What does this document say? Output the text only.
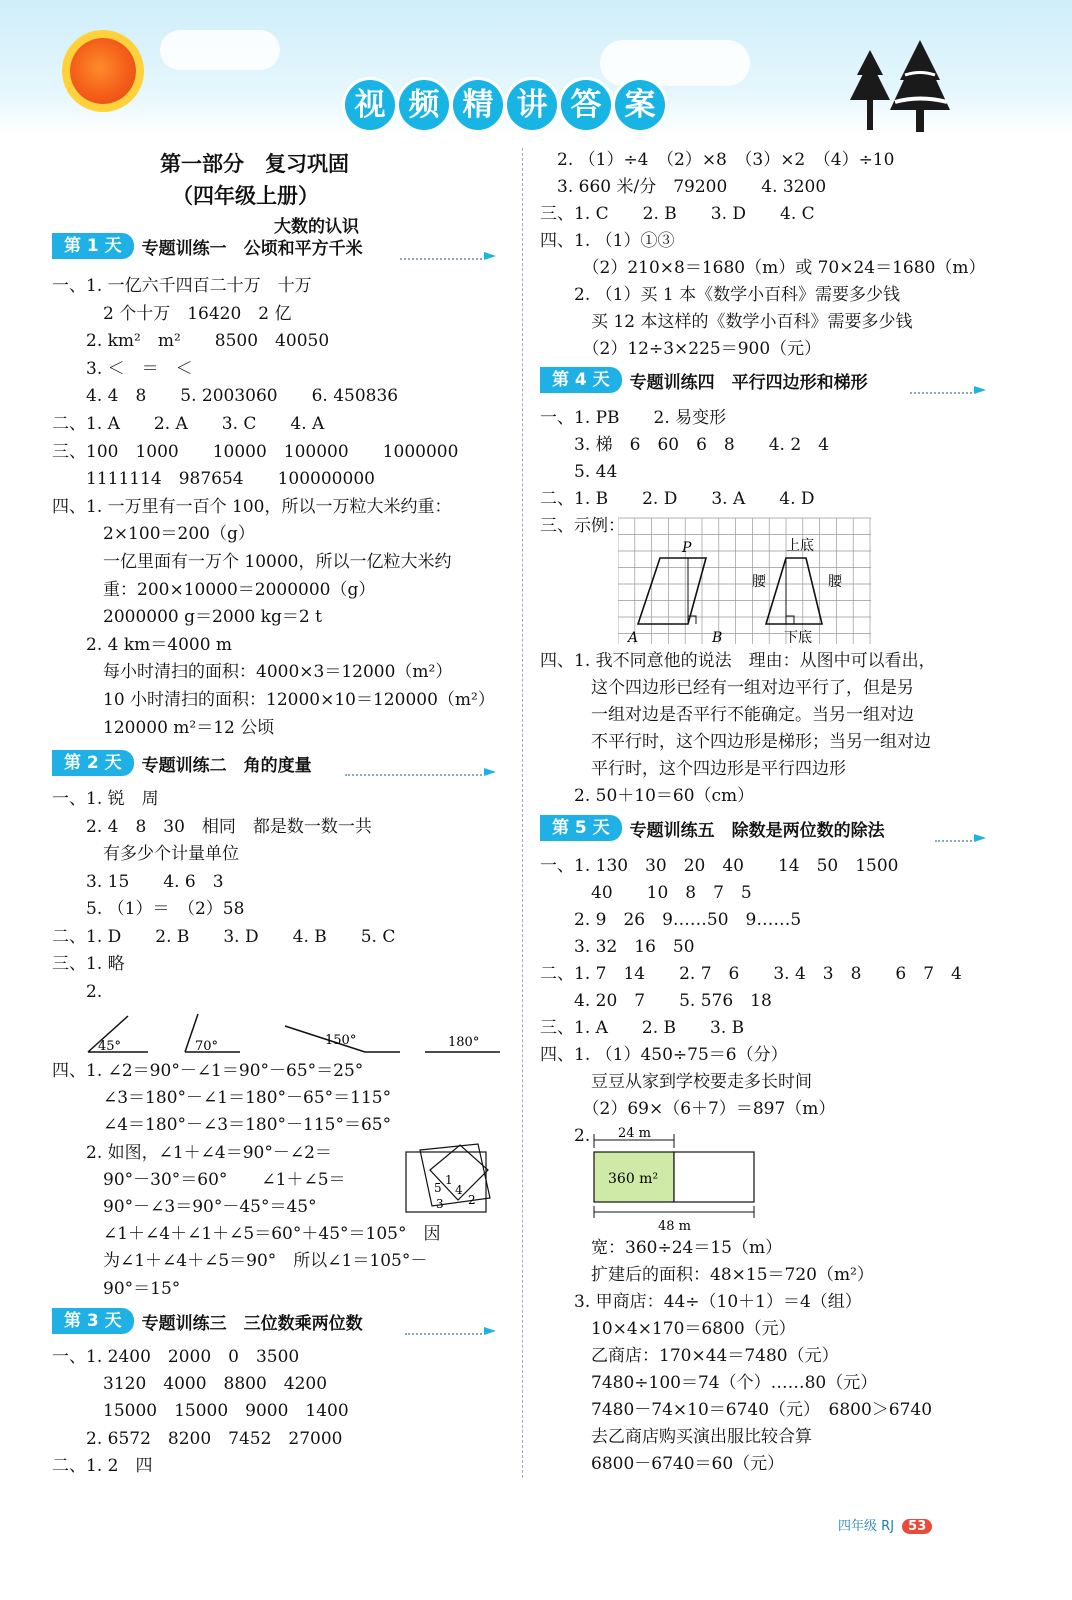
视 频 精 讲 答 案
第一部分　复习巩固
（四年级上册）
大数的认识
第 1 天	专题训练一　公顷和平方千米
一、1. 一亿六千四百二十万　十万
　　　2 个十万　16420　2 亿
　　2. km²　m²　　8500　40050
　　3. ＜　＝　＜
　　4. 4　8　　5. 2003060　　6. 450836
二、1. A　　2. A　　3. C　　4. A
三、100　1000　　10000　100000　　1000000
　　1111114　987654　　100000000
四、1. 一万里有一百个 100，所以一万粒大米约重：
　　　2×100＝200（g）
　　　一亿里面有一万个 10000，所以一亿粒大米约
　　　重：200×10000＝2000000（g）
　　　2000000 g＝2000 kg＝2 t
　　2. 4 km＝4000 m
　　　每小时清扫的面积：4000×3＝12000（m²）
　　　10 小时清扫的面积：12000×10＝120000（m²）
　　　120000 m²＝12 公顷
第 2 天	专题训练二　角的度量
一、1. 锐　周
　　2. 4　8　30　相同　都是数一数一共
　　　有多少个计量单位
　　3. 15　　4. 6　3
　　5. （1）＝　（2）58
二、1. D　　2. B　　3. D　　4. B　　5. C
三、1. 略
　　2.
45°	70°	150°	180°
四、1. ∠2＝90°－∠1＝90°－65°＝25°
　　　∠3＝180°－∠1＝180°－65°＝115°
　　　∠4＝180°－∠3＝180°－115°＝65°
　　2. 如图，∠1＋∠4＝90°－∠2＝
　　　90°－30°＝60°　　∠1＋∠5＝
　　　90°－∠3＝90°－45°＝45°
　　　∠1＋∠4＋∠1＋∠5＝60°＋45°＝105°　因
　　　为∠1＋∠4＋∠5＝90°　所以∠1＝105°－
　　　90°＝15°
5
1
4
3 2
第 3 天	专题训练三　三位数乘两位数
一、1. 2400　2000　0　3500
　　　3120　4000　8800　4200
　　　15000　15000　9000　1400
　　2. 6572　8200　7452　27000
二、1. 2　四
　2. （1）÷4　（2）×8　（3）×2　（4）÷10
　3. 660 米/分　79200　　4. 3200
三、1. C　　2. B　　3. D　　4. C
四、1. （1）①③
　　　（2）210×8＝1680（m）或 70×24＝1680（m）
　　2. （1）买 1 本《数学小百科》需要多少钱
　　　买 12 本这样的《数学小百科》需要多少钱
　　　（2）12÷3×225＝900（元）
第 4 天	专题训练四　平行四边形和梯形
一、1. PB　　2. 易变形
　　3. 梯　6　60　6　8　　4. 2　4
　　5. 44
二、1. B　　2. D　　3. A　　4. D
三、示例：
P
A	B
上底
下底
腰	腰
四、1. 我不同意他的说法　理由：从图中可以看出，
　　　这个四边形已经有一组对边平行了，但是另
　　　一组对边是否平行不能确定。当另一组对边
　　　不平行时，这个四边形是梯形；当另一组对边
　　　平行时，这个四边形是平行四边形
　　2. 50＋10＝60（cm）
第 5 天	专题训练五　除数是两位数的除法
一、1. 130　30　20　40　　14　50　1500
　　　40　　10　8　7　5
　　2. 9　26　9……50　9……5
　　3. 32　16　50
二、1. 7　14　　2. 7　6　　3. 4　3　8　　6　7　4
　　4. 20　7　　5. 576　18
三、1. A　　2. B　　3. B
四、1. （1）450÷75＝6（分）
　　　豆豆从家到学校要走多长时间
　　　（2）69×（6＋7）＝897（m）
　　2. 24 m
360 m²
48 m
　　　宽：360÷24＝15（m）
　　　扩建后的面积：48×15＝720（m²）
　　3. 甲商店：44÷（10＋1）＝4（组）
　　　10×4×170＝6800（元）
　　　乙商店：170×44＝7480（元）
　　　7480÷100＝74（个）……80（元）
　　　7480－74×10＝6740（元）　6800＞6740
　　　去乙商店购买演出服比较合算
　　　6800－6740＝60（元）
四年级 RJ 53
